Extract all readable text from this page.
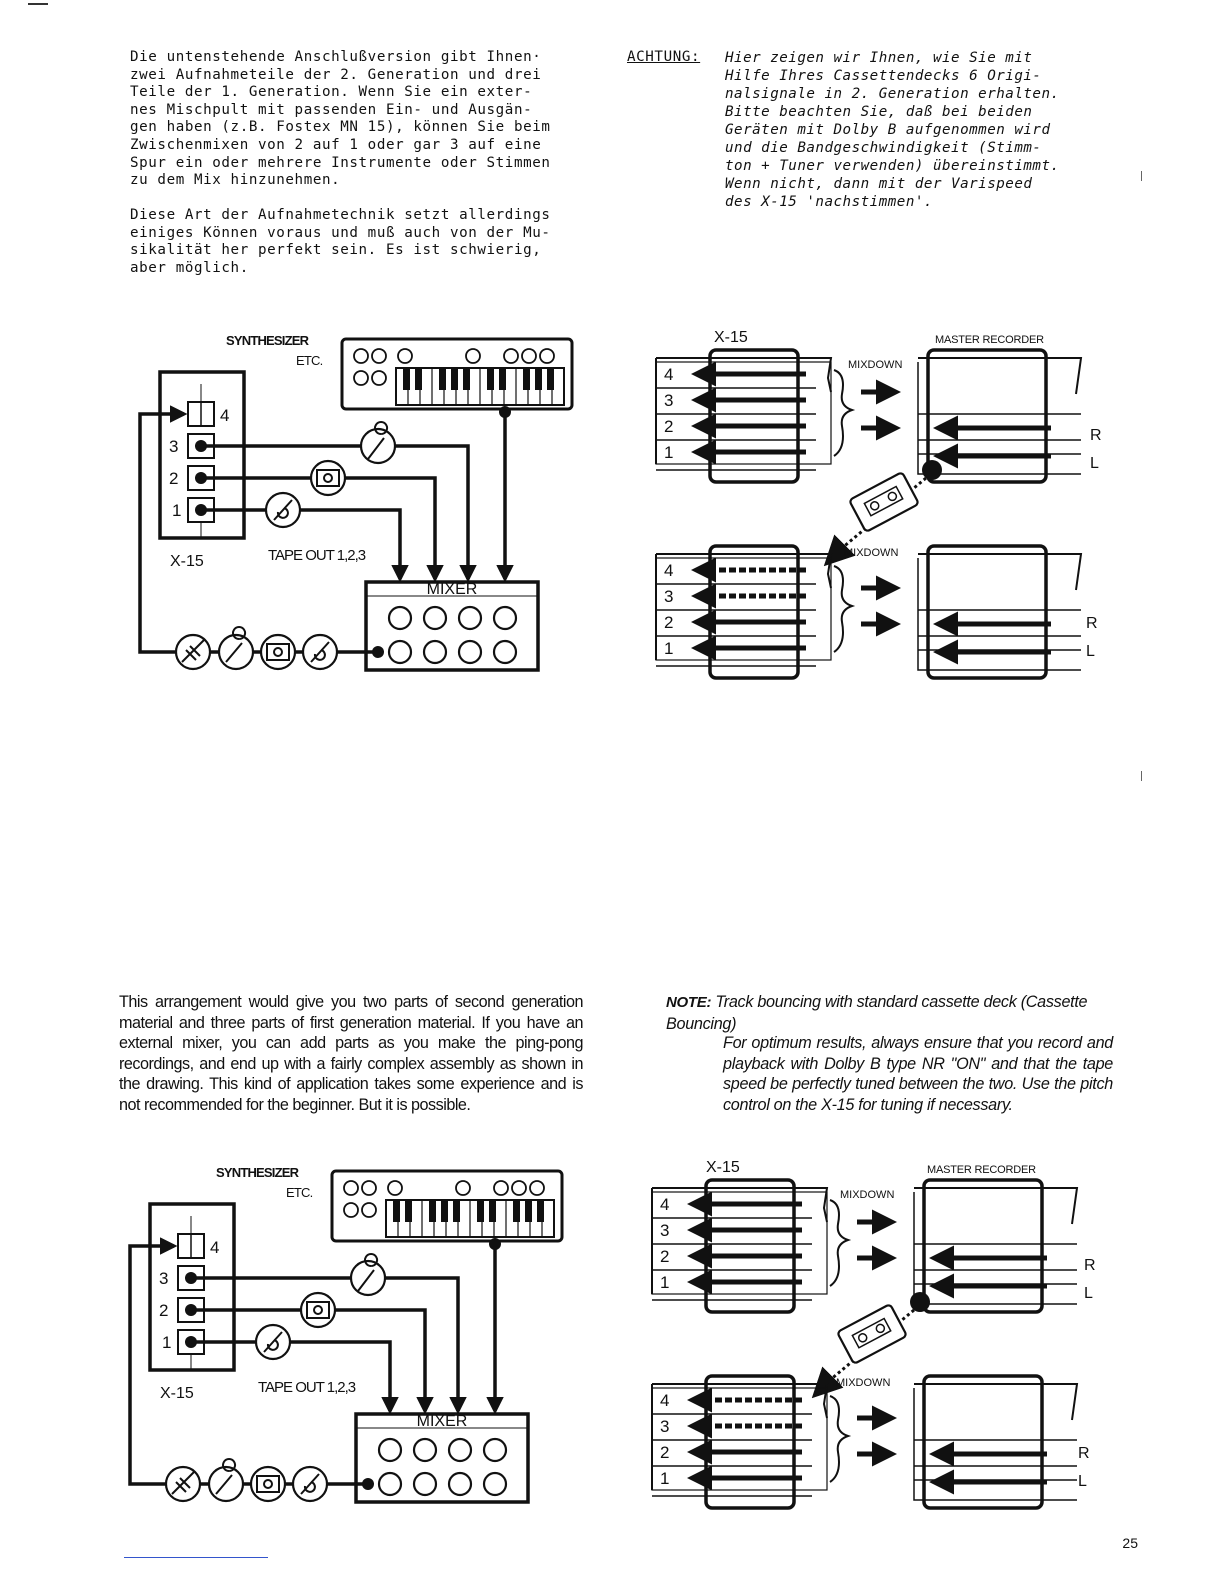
Die untenstehende Anschlußversion gibt Ihnen·
zwei Aufnahmeteile der 2. Generation und drei
Teile der 1. Generation. Wenn Sie ein exter-
nes Mischpult mit passenden Ein- und Ausgän-
gen haben (z.B. Fostex MN 15), können Sie beim
Zwischenmixen von 2 auf 1 oder gar 3 auf eine
Spur ein oder mehrere Instrumente oder Stimmen
zu dem Mix hinzunehmen.
Diese Art der Aufnahmetechnik setzt allerdings
einiges Können voraus und muß auch von der Mu-
sikalität her perfekt sein. Es ist schwierig,
aber möglich.
ACHTUNG: Hier zeigen wir Ihnen, wie Sie mit
Hilfe Ihres Cassettendecks 6 Origi-
nalsignale in 2. Generation erhalten.
Bitte beachten Sie, daß bei beiden
Geräten mit Dolby B aufgenommen wird
und die Bandgeschwindigkeit (Stimm-
ton + Tuner verwenden) übereinstimmt.
Wenn nicht, dann mit der Varispeed
des X-15 'nachstimmen'.
This arrangement would give you two parts of second generation material and three parts of first generation material. If you have an external mixer, you can add parts as you make the ping-pong recordings, and end up with a fairly complex assembly as shown in the drawing. This kind of application takes some experience and is not recommended for the beginner. But it is possible.
NOTE: Track bouncing with standard cassette deck (Cassette Bouncing)
For optimum results, always ensure that you record and playback with Dolby B type NR "ON" and that the tape speed be perfectly tuned between the two. Use the pitch control on the X-15 for tuning if necessary.
SYNTHESIZER
ETC.
4
3
2
1
X-15	TAPE OUT 1,2,3
MIXER
X-15	MASTER RECORDER
4
3
2
1
MIXDOWN
R
L
4
3
2
1
MIXDOWN
R
L
SYNTHESIZER
ETC.
4
3
2
1
X-15	TAPE OUT 1,2,3
MIXER
X-15	MASTER RECORDER
4
3
2
1
MIXDOWN
R
L
4
3
2
1
MIXDOWN
R
L
25
